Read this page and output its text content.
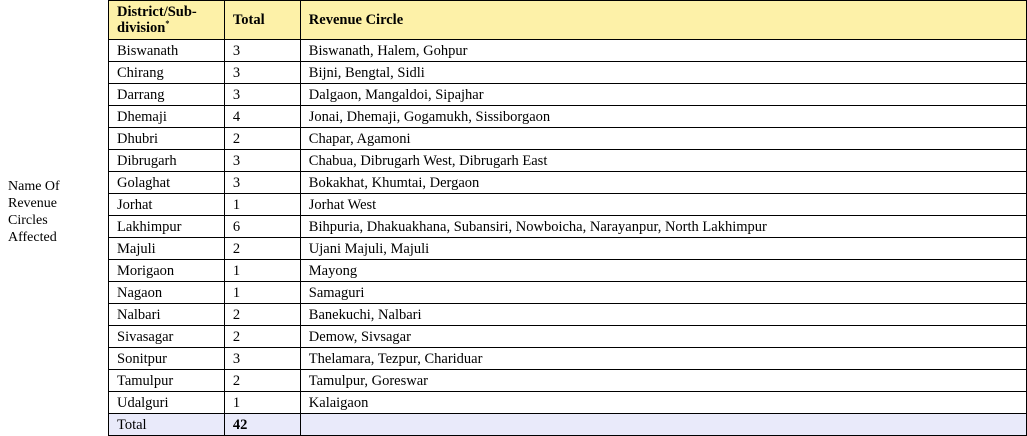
Name Of Revenue Circles Affected
District/Sub-
division*	Total	Revenue Circle
Biswanath	3	Biswanath, Halem, Gohpur
Chirang	3	Bijni, Bengtal, Sidli
Darrang	3	Dalgaon, Mangaldoi, Sipajhar
Dhemaji	4	Jonai, Dhemaji, Gogamukh, Sissiborgaon
Dhubri	2	Chapar, Agamoni
Dibrugarh	3	Chabua, Dibrugarh West, Dibrugarh East
Golaghat	3	Bokakhat, Khumtai, Dergaon
Jorhat	1	Jorhat West
Lakhimpur	6	Bihpuria, Dhakuakhana, Subansiri, Nowboicha, Narayanpur, North Lakhimpur
Majuli	2	Ujani Majuli, Majuli
Morigaon	1	Mayong
Nagaon	1	Samaguri
Nalbari	2	Banekuchi, Nalbari
Sivasagar	2	Demow, Sivsagar
Sonitpur	3	Thelamara, Tezpur, Chariduar
Tamulpur	2	Tamulpur, Goreswar
Udalguri	1	Kalaigaon
Total	42	
